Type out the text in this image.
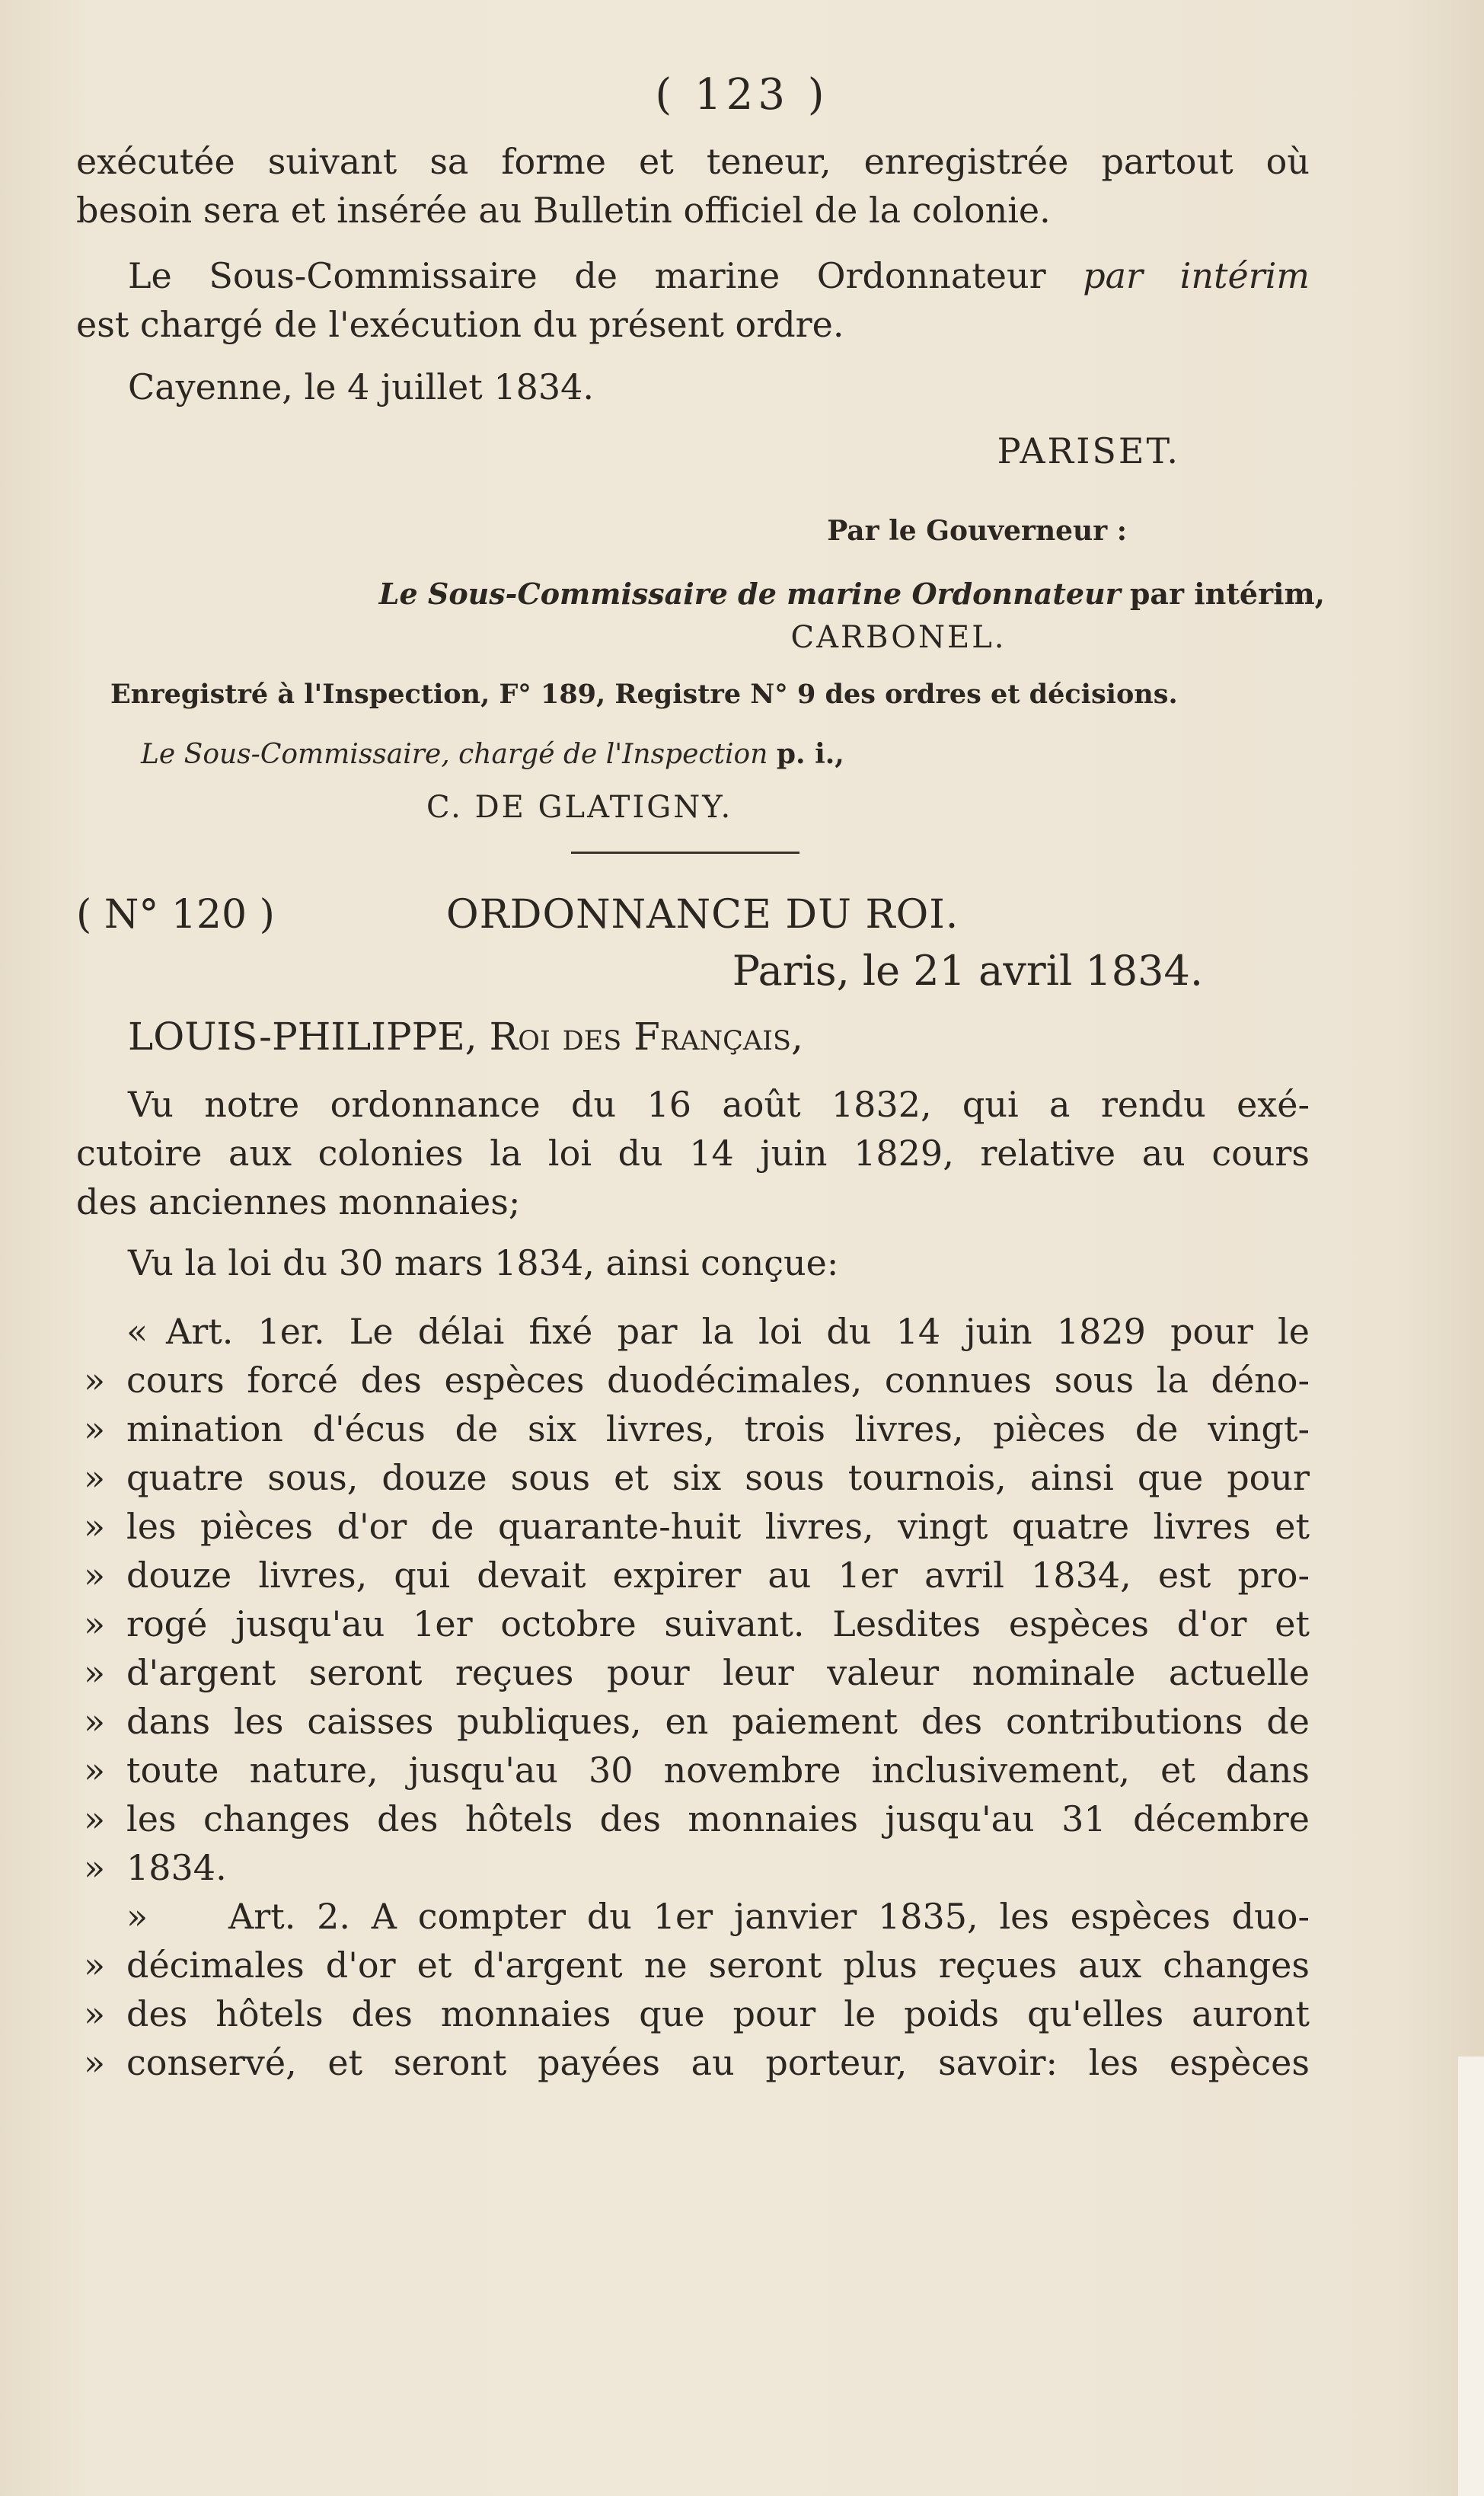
( 123 )
exécutée suivant sa forme et teneur, enregistrée partout où
besoin sera et insérée au Bulletin officiel de la colonie.
Le Sous-Commissaire de marine Ordonnateur par intérim
est chargé de l'exécution du présent ordre.
Cayenne, le 4 juillet 1834.
PARISET.
Par le Gouverneur :
Le Sous-Commissaire de marine Ordonnateur par intérim,
CARBONEL.
Enregistré à l'Inspection, F° 189, Registre N° 9 des ordres et décisions.
Le Sous-Commissaire, chargé de l'Inspection p. i.,
C. DE GLATIGNY.
( N° 120 )	ORDONNANCE DU ROI.
Paris, le 21 avril 1834.
LOUIS-PHILIPPE, Roi des Français,
Vu notre ordonnance du 16 août 1832, qui a rendu exé-
cutoire aux colonies la loi du 14 juin 1829, relative au cours
des anciennes monnaies;
Vu la loi du 30 mars 1834, ainsi conçue:
« Art. 1er. Le délai fixé par la loi du 14 juin 1829 pour le
» cours forcé des espèces duodécimales, connues sous la déno-
» mination d'écus de six livres, trois livres, pièces de vingt-
» quatre sous, douze sous et six sous tournois, ainsi que pour
» les pièces d'or de quarante-huit livres, vingt quatre livres et
» douze livres, qui devait expirer au 1er avril 1834, est pro-
» rogé jusqu'au 1er octobre suivant. Lesdites espèces d'or et
» d'argent seront reçues pour leur valeur nominale actuelle
» dans les caisses publiques, en paiement des contributions de
» toute nature, jusqu'au 30 novembre inclusivement, et dans
» les changes des hôtels des monnaies jusqu'au 31 décembre
» 1834.
» Art. 2. A compter du 1er janvier 1835, les espèces duo-
» décimales d'or et d'argent ne seront plus reçues aux changes
» des hôtels des monnaies que pour le poids qu'elles auront
» conservé, et seront payées au porteur, savoir: les espèces
